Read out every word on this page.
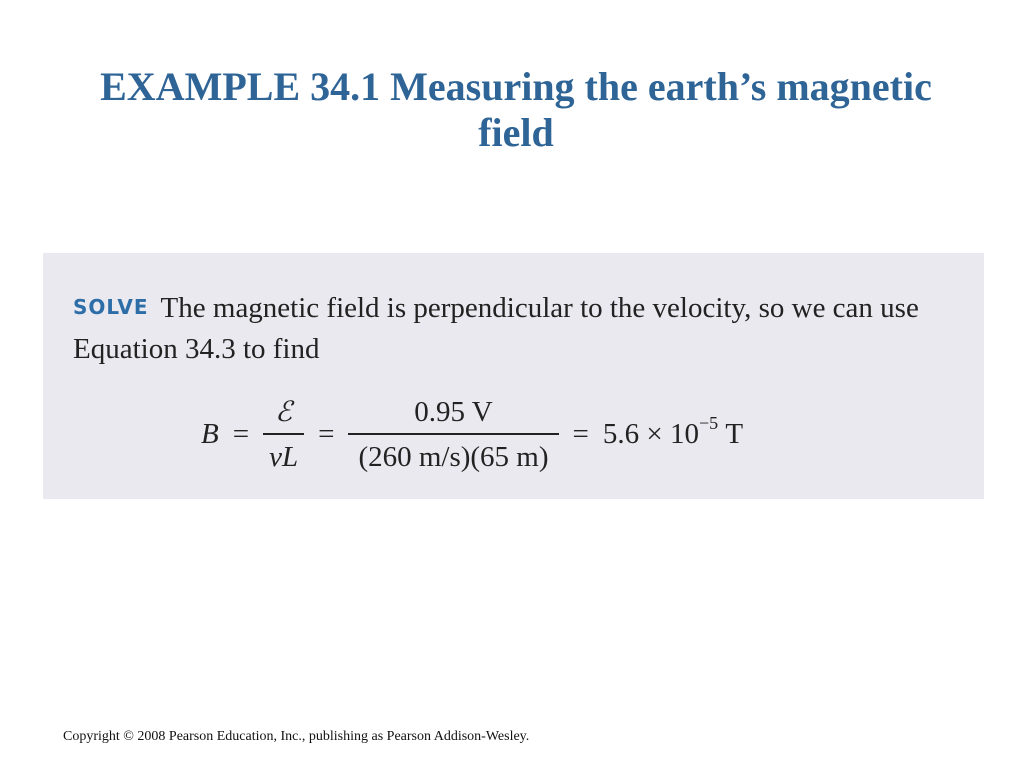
EXAMPLE 34.1 Measuring the earth’s magnetic field
SOLVE The magnetic field is perpendicular to the velocity, so we can use Equation 34.3 to find
$B = \frac{\text{ℰ}}{vL} = \frac{0.95 V}{(260 m/s)(65 m)} = 5.6 \times 10^{-5}$ T
Copyright © 2008 Pearson Education, Inc., publishing as Pearson Addison-Wesley.
